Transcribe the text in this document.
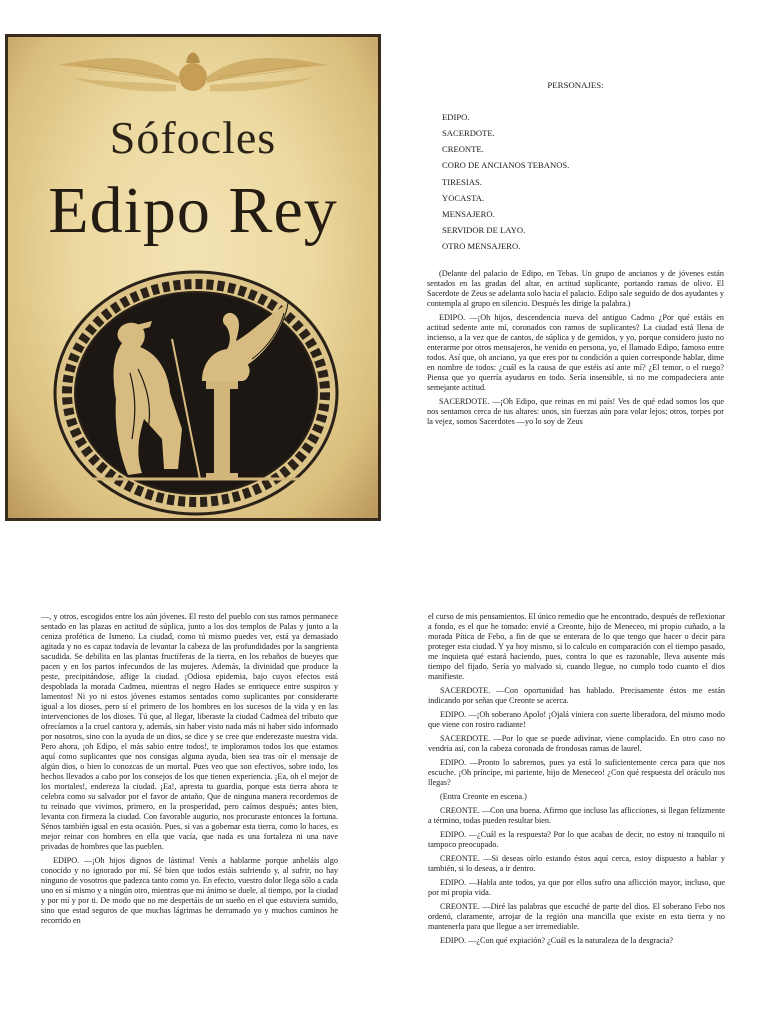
Sófocles
Edipo Rey
PERSONAJES:
EDIPO.
SACERDOTE.
CREONTE.
CORO DE ANCIANOS TEBANOS.
TIRESIAS.
YOCASTA.
MENSAJERO.
SERVIDOR DE LAYO.
OTRO MENSAJERO.

(Delante del palacio de Edipo, en Tebas. Un grupo de ancianos y de jóvenes están sentados en las gradas del altar, en actitud suplicante, portando ramas de olivo. El Sacerdote de Zeus se adelanta solo hacia el palacio. Edipo sale seguido de dos ayudantes y contempla al grupo en silencio. Después les dirige la palabra.)

EDIPO. —¡Oh hijos, descendencia nueva del antiguo Cadmo ¿Por qué estáis en actitud sedente ante mí, coronados con ramos de suplicantes? La ciudad está llena de incienso, a la vez que de cantos, de súplica y de gemidos, y yo, porque considero justo no enterarme por otros mensajeros, he venido en persona, yo, el llamado Edipo, famoso entre todos. Así que, oh anciano, ya que eres por tu condición a quien corresponde hablar, dime en nombre de todos: ¿cuál es la causa de que estéis así ante mí? ¿El temor, o el ruego? Piensa que yo querría ayudaros en todo. Sería insensible, si no me compadeciera ante semejante actitud.

SACERDOTE. —¡Oh Edipo, que reinas en mi país! Ves de qué edad somos los que nos sentamos cerca de tus altares: unos, sin fuerzas aún para volar lejos; otros, torpes por la vejez, somos Sacerdotes —yo lo soy de Zeus

—, y otros, escogidos entre los aún jóvenes. El resto del pueblo con sus ramos permanece sentado en las plazas en actitud de súplica, junto a los dos templos de Palas y junto a la ceniza profética de Ismeno. La ciudad, como tú mismo puedes ver, está ya demasiado agitada y no es capaz todavía de levantar la cabeza de las profundidades por la sangrienta sacudida. Se debilita en las plantas fructíferas de la tierra, en los rebaños de bueyes que pacen y en los partos infecundos de las mujeres. Además, la divinidad que produce la peste, precipitándose, aflige la ciudad. ¡Odiosa epidemia, bajo cuyos efectos está despoblada la morada Cadmea, mientras el negro Hades se enriquece entre suspiros y lamentos! Ni yo ni estos jóvenes estamos sentados como suplicantes por considerarte igual a los dioses, pero sí el primero de los hombres en los sucesos de la vida y en las intervenciones de los dioses. Tú que, al llegar, liberaste la ciudad Cadmea del tributo que ofrecíamos a la cruel cantora y, además, sin haber visto nada más ni haber sido informado por nosotros, sino con la ayuda de un dios, se dice y se cree que enderezaste nuestra vida. Pero ahora, ¡oh Edipo, el más sabio entre todos!, te imploramos todos los que estamos aquí como suplicantes que nos consigas alguna ayuda, bien sea tras oír el mensaje de algún dios, o bien lo conozcas de un mortal. Pues veo que son efectivos, sobre todo, los hechos llevados a cabo por los consejos de los que tienen experiencia. ¡Ea, oh el mejor de los mortales!, endereza la ciudad. ¡Ea!, apresta tu guardia, porque esta tierra ahora te celebra como su salvador por el favor de antaño. Que de ninguna manera recordemos de tu reinado que vivimos, primero, en la prosperidad, pero caímos después; antes bien, levanta con firmeza la ciudad. Con favorable augurio, nos procuraste entonces la fortuna. Sénos también igual en esta ocasión. Pues, si vas a gobernar esta tierra, como lo haces, es mejor reinar con hombres en ella que vacía, que nada es una fortaleza ni una nave privadas de hombres que las pueblen.

EDIPO. —¡Oh hijos dignos de lástima! Venís a hablarme porque anheláis algo conocido y no ignorado por mí. Sé bien que todos estáis sufriendo y, al sufrir, no hay ninguno de vosotros que padezca tanto como yo. En efecto, vuestro dolor llega sólo a cada uno en sí mismo y a ningún otro, mientras que mi ánimo se duele, al tiempo, por la ciudad y por mí y por ti. De modo que no me despertáis de un sueño en el que estuviera sumido, sino que estad seguros de que muchas lágrimas he derramado yo y muchos caminos he recorrido en

el curso de mis pensamientos. El único remedio que he encontrado, después de reflexionar a fondo, es el que he tomado: envié a Creonte, hijo de Meneceo, mi propio cuñado, a la morada Pítica de Febo, a fin de que se enterara de lo que tengo que hacer o decir para proteger esta ciudad. Y ya hoy mismo, si lo calculo en comparación con el tiempo pasado, me inquieta qué estará haciendo, pues, contra lo que es razonable, lleva ausente más tiempo del fijado. Sería yo malvado si, cuando llegue, no cumplo todo cuanto el dios manifieste.

SACERDOTE. —Con oportunidad has hablado. Precisamente éstos me están indicando por señas que Creonte se acerca.

EDIPO. —¡Oh soberano Apolo! ¡Ojalá viniera con suerte liberadora, del mismo modo que viene con rostro radiante!

SACERDOTE. —Por lo que se puede adivinar, viene complacido. En otro caso no vendría así, con la cabeza coronada de frondosas ramas de laurel.

EDIPO. —Pronto lo sabremos, pues ya está lo suficientemente cerca para que nos escuche. ¡Oh príncipe, mi pariente, hijo de Meneceo! ¿Con qué respuesta del oráculo nos llegas?

(Entra Creonte en escena.)

CREONTE. —Con una buena. Afirmo que incluso las aflicciones, si llegan felizmente a término, todas pueden resultar bien.

EDIPO. —¿Cuál es la respuesta? Por lo que acabas de decir, no estoy ni tranquilo ni tampoco preocupado.

CREONTE. —Si deseas oírlo estando éstos aquí cerca, estoy dispuesto a hablar y también, si lo deseas, a ir dentro.

EDIPO. —Habla ante todos, ya que por ellos sufro una aflicción mayor, incluso, que por mi propia vida.

CREONTE. —Diré las palabras que escuché de parte del dios. El soberano Febo nos ordenó, claramente, arrojar de la región una mancilla que existe en esta tierra y no mantenerla para que llegue a ser irremediable.

EDIPO. —¿Con qué expiación? ¿Cuál es la naturaleza de la desgracia?
